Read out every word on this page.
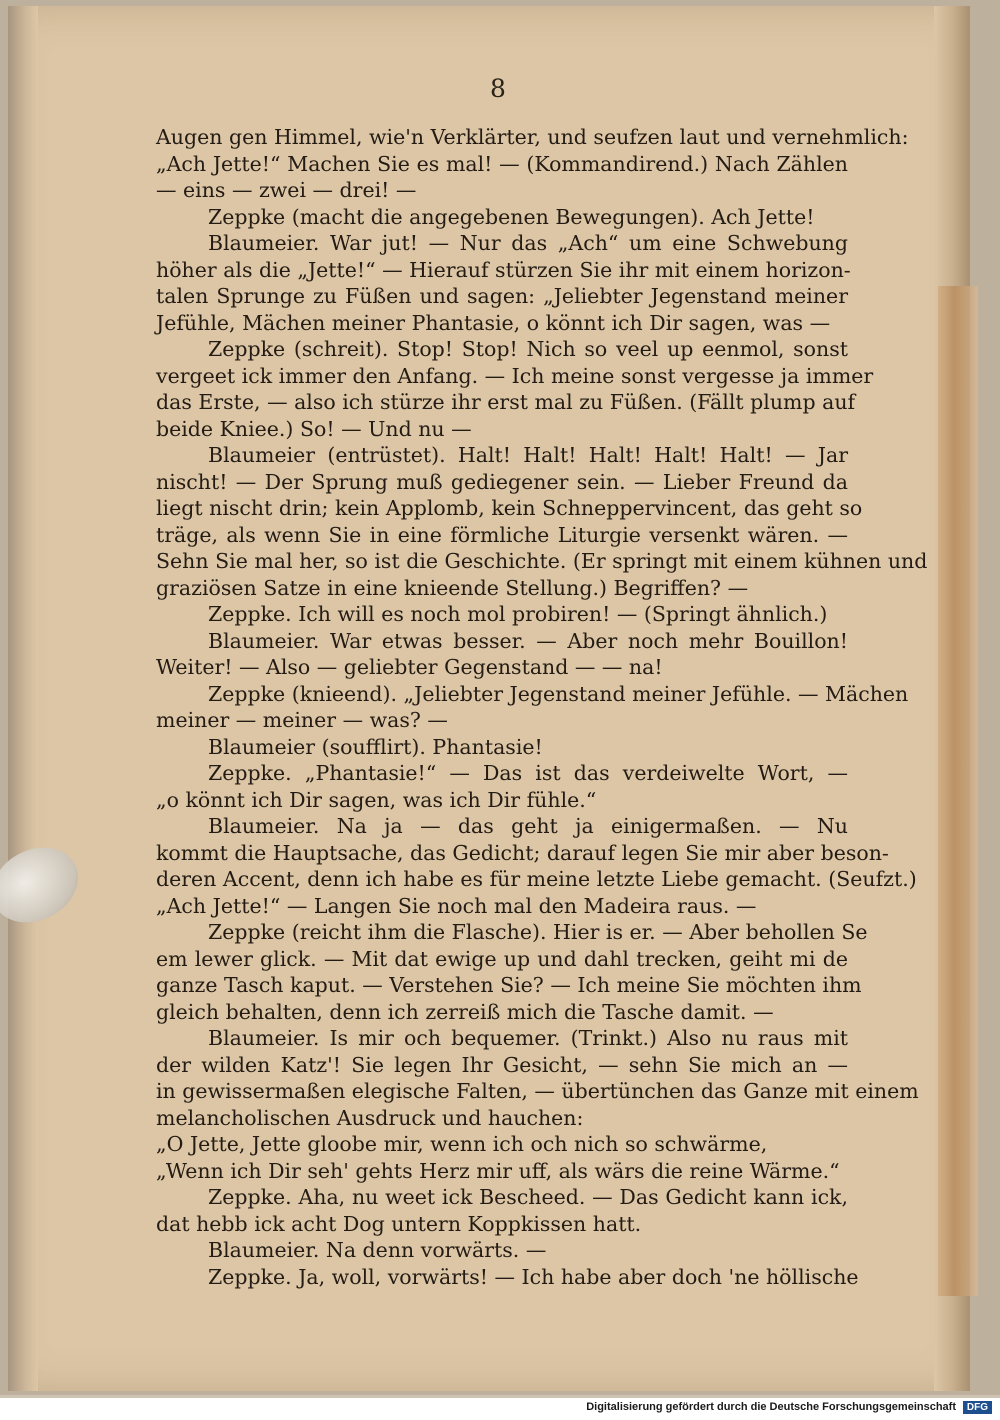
8
Augen gen Himmel, wie'n Verklärter, und seufzen laut und vernehmlich:
„Ach Jette!“ Machen Sie es mal! — (Kommandirend.) Nach Zählen
— eins — zwei — drei! —
Zeppke (macht die angegebenen Bewegungen). Ach Jette!
Blaumeier. War jut! — Nur das „Ach“ um eine Schwebung
höher als die „Jette!“ — Hierauf stürzen Sie ihr mit einem horizon-
talen Sprunge zu Füßen und sagen: „Jeliebter Jegenstand meiner
Jefühle, Mächen meiner Phantasie, o könnt ich Dir sagen, was —
Zeppke (schreit). Stop! Stop! Nich so veel up eenmol, sonst
vergeet ick immer den Anfang. — Ich meine sonst vergesse ja immer
das Erste, — also ich stürze ihr erst mal zu Füßen. (Fällt plump auf
beide Kniee.) So! — Und nu —
Blaumeier (entrüstet). Halt! Halt! Halt! Halt! Halt! — Jar
nischt! — Der Sprung muß gediegener sein. — Lieber Freund da
liegt nischt drin; kein Applomb, kein Schneppervincent, das geht so
träge, als wenn Sie in eine förmliche Liturgie versenkt wären. —
Sehn Sie mal her, so ist die Geschichte. (Er springt mit einem kühnen und
graziösen Satze in eine knieende Stellung.) Begriffen? —
Zeppke. Ich will es noch mol probiren! — (Springt ähnlich.)
Blaumeier. War etwas besser. — Aber noch mehr Bouillon!
Weiter! — Also — geliebter Gegenstand — — na!
Zeppke (knieend). „Jeliebter Jegenstand meiner Jefühle. — Mächen
meiner — meiner — was? —
Blaumeier (soufflirt). Phantasie!
Zeppke. „Phantasie!“ — Das ist das verdeiwelte Wort, —
„o könnt ich Dir sagen, was ich Dir fühle.“
Blaumeier. Na ja — das geht ja einigermaßen. — Nu
kommt die Hauptsache, das Gedicht; darauf legen Sie mir aber beson-
deren Accent, denn ich habe es für meine letzte Liebe gemacht. (Seufzt.)
„Ach Jette!“ — Langen Sie noch mal den Madeira raus. —
Zeppke (reicht ihm die Flasche). Hier is er. — Aber behollen Se
em lewer glick. — Mit dat ewige up und dahl trecken, geiht mi de
ganze Tasch kaput. — Verstehen Sie? — Ich meine Sie möchten ihm
gleich behalten, denn ich zerreiß mich die Tasche damit. —
Blaumeier. Is mir och bequemer. (Trinkt.) Also nu raus mit
der wilden Katz'! Sie legen Ihr Gesicht, — sehn Sie mich an —
in gewissermaßen elegische Falten, — übertünchen das Ganze mit einem
melancholischen Ausdruck und hauchen:
„O Jette, Jette gloobe mir, wenn ich och nich so schwärme,
„Wenn ich Dir seh' gehts Herz mir uff, als wärs die reine Wärme.“
Zeppke. Aha, nu weet ick Bescheed. — Das Gedicht kann ick,
dat hebb ick acht Dog untern Koppkissen hatt.
Blaumeier. Na denn vorwärts. —
Zeppke. Ja, woll, vorwärts! — Ich habe aber doch 'ne höllische
Digitalisierung gefördert durch die Deutsche Forschungsgemeinschaft	DFG
